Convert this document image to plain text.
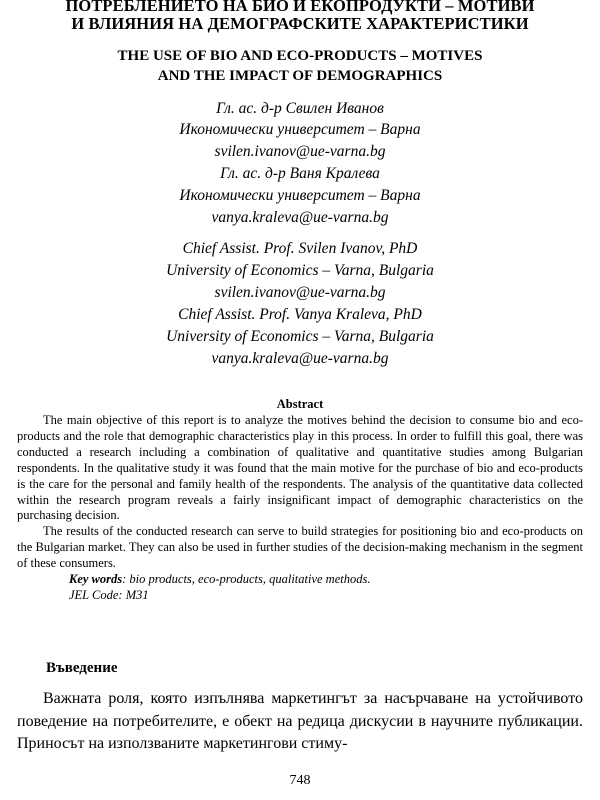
ПОТРЕБЛЕНИЕТО НА БИО И ЕКОПРОДУКТИ – МОТИВИ
И ВЛИЯНИЯ НА ДЕМОГРАФСКИТЕ ХАРАКТЕРИСТИКИ
THE USE OF BIO AND ECO-PRODUCTS – MOTIVES
AND THE IMPACT OF DEMOGRAPHICS
Гл. ас. д-р Свилен Иванов
Икономически университет – Варна
svilen.ivanov@ue-varna.bg
Гл. ас. д-р Ваня Кралева
Икономически университет – Варна
vanya.kraleva@ue-varna.bg
Chief Assist. Prof. Svilen Ivanov, PhD
University of Economics – Varna, Bulgaria
svilen.ivanov@ue-varna.bg
Chief Assist. Prof. Vanya Kraleva, PhD
University of Economics – Varna, Bulgaria
vanya.kraleva@ue-varna.bg
Abstract

The main objective of this report is to analyze the motives behind the decision to consume bio and eco-products and the role that demographic characteristics play in this process. In order to fulfill this goal, there was conducted a research including a combination of qualitative and quantitative studies among Bulgarian respondents. In the qualitative study it was found that the main motive for the purchase of bio and eco-products is the care for the personal and family health of the respondents. The analysis of the quantitative data collected within the research program reveals a fairly insignificant impact of demographic characteristics on the purchasing decision.

The results of the conducted research can serve to build strategies for positioning bio and eco-products on the Bulgarian market. They can also be used in further studies of the decision-making mechanism in the segment of these consumers.

Key words: bio products, eco-products, qualitative methods.

JEL Code: M31

Въведение

Важната роля, която изпълнява маркетингът за насърчаване на устойчивото поведение на потребителите, е обект на редица дискусии в научните публикации. Приносът на използваните маркетингови стиму-

748
